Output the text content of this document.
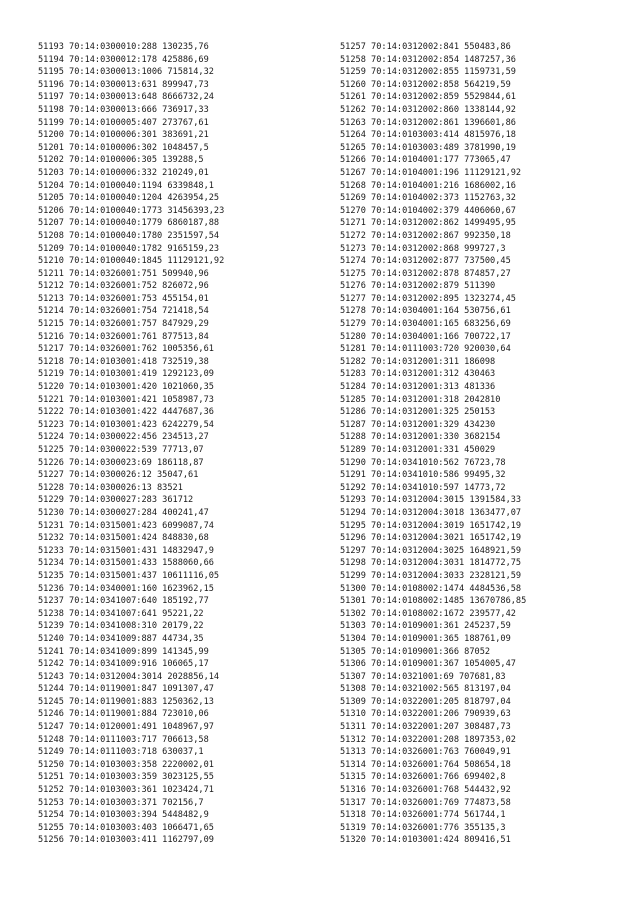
51193 70:14:0300010:288 130235,76
51194 70:14:0300012:178 425886,69
51195 70:14:0300013:1006 715814,32
51196 70:14:0300013:631 899947,73
51197 70:14:0300013:648 8666732,24
51198 70:14:0300013:666 736917,33
51199 70:14:0100005:407 273767,61
51200 70:14:0100006:301 383691,21
51201 70:14:0100006:302 1048457,5
51202 70:14:0100006:305 139288,5
51203 70:14:0100006:332 210249,01
51204 70:14:0100040:1194 6339848,1
51205 70:14:0100040:1204 4263954,25
51206 70:14:0100040:1773 31456393,23
51207 70:14:0100040:1779 6860187,88
51208 70:14:0100040:1780 2351597,54
51209 70:14:0100040:1782 9165159,23
51210 70:14:0100040:1845 11129121,92
51211 70:14:0326001:751 509940,96
51212 70:14:0326001:752 826072,96
51213 70:14:0326001:753 455154,01
51214 70:14:0326001:754 721418,54
51215 70:14:0326001:757 847929,29
51216 70:14:0326001:761 877513,84
51217 70:14:0326001:762 1005356,61
51218 70:14:0103001:418 732519,38
51219 70:14:0103001:419 1292123,09
51220 70:14:0103001:420 1021060,35
51221 70:14:0103001:421 1058987,73
51222 70:14:0103001:422 4447687,36
51223 70:14:0103001:423 6242279,54
51224 70:14:0300022:456 234513,27
51225 70:14:0300022:539 77713,07
51226 70:14:0300023:69 186118,87
51227 70:14:0300026:12 35047,61
51228 70:14:0300026:13 83521
51229 70:14:0300027:283 361712
51230 70:14:0300027:284 400241,47
51231 70:14:0315001:423 6099087,74
51232 70:14:0315001:424 848830,68
51233 70:14:0315001:431 14832947,9
51234 70:14:0315001:433 1588060,66
51235 70:14:0315001:437 10611116,05
51236 70:14:0340001:160 1623962,15
51237 70:14:0341007:640 185192,77
51238 70:14:0341007:641 95221,22
51239 70:14:0341008:310 20179,22
51240 70:14:0341009:887 44734,35
51241 70:14:0341009:899 141345,99
51242 70:14:0341009:916 106065,17
51243 70:14:0312004:3014 2028856,14
51244 70:14:0119001:847 1091307,47
51245 70:14:0119001:883 1250362,13
51246 70:14:0119001:884 723010,06
51247 70:14:0120001:491 1048967,97
51248 70:14:0111003:717 706613,58
51249 70:14:0111003:718 630037,1
51250 70:14:0103003:358 2220002,01
51251 70:14:0103003:359 3023125,55
51252 70:14:0103003:361 1023424,71
51253 70:14:0103003:371 702156,7
51254 70:14:0103003:394 5448482,9
51255 70:14:0103003:403 1066471,65
51256 70:14:0103003:411 1162797,09
51257 70:14:0312002:841 550483,86
51258 70:14:0312002:854 1487257,36
51259 70:14:0312002:855 1159731,59
51260 70:14:0312002:858 564219,59
51261 70:14:0312002:859 5529844,61
51262 70:14:0312002:860 1338144,92
51263 70:14:0312002:861 1396601,86
51264 70:14:0103003:414 4815976,18
51265 70:14:0103003:489 3781990,19
51266 70:14:0104001:177 773065,47
51267 70:14:0104001:196 11129121,92
51268 70:14:0104001:216 1686002,16
51269 70:14:0104002:373 1152763,32
51270 70:14:0104002:379 4406060,67
51271 70:14:0312002:862 1499495,95
51272 70:14:0312002:867 992350,18
51273 70:14:0312002:868 999727,3
51274 70:14:0312002:877 737500,45
51275 70:14:0312002:878 874857,27
51276 70:14:0312002:879 511390
51277 70:14:0312002:895 1323274,45
51278 70:14:0304001:164 530756,61
51279 70:14:0304001:165 683256,69
51280 70:14:0304001:166 700722,17
51281 70:14:0111003:720 920030,64
51282 70:14:0312001:311 186098
51283 70:14:0312001:312 430463
51284 70:14:0312001:313 481336
51285 70:14:0312001:318 2042810
51286 70:14:0312001:325 250153
51287 70:14:0312001:329 434230
51288 70:14:0312001:330 3682154
51289 70:14:0312001:331 450029
51290 70:14:0341010:562 76723,78
51291 70:14:0341010:586 99495,32
51292 70:14:0341010:597 14773,72
51293 70:14:0312004:3015 1391584,33
51294 70:14:0312004:3018 1363477,07
51295 70:14:0312004:3019 1651742,19
51296 70:14:0312004:3021 1651742,19
51297 70:14:0312004:3025 1648921,59
51298 70:14:0312004:3031 1814772,75
51299 70:14:0312004:3033 2328121,59
51300 70:14:0108002:1474 4484536,58
51301 70:14:0108002:1485 13670786,85
51302 70:14:0108002:1672 239577,42
51303 70:14:0109001:361 245237,59
51304 70:14:0109001:365 188761,09
51305 70:14:0109001:366 87052
51306 70:14:0109001:367 1054005,47
51307 70:14:0321001:69 707681,83
51308 70:14:0321002:565 813197,04
51309 70:14:0322001:205 818797,04
51310 70:14:0322001:206 790939,63
51311 70:14:0322001:207 308487,73
51312 70:14:0322001:208 1897353,02
51313 70:14:0326001:763 760049,91
51314 70:14:0326001:764 508654,18
51315 70:14:0326001:766 699402,8
51316 70:14:0326001:768 544432,92
51317 70:14:0326001:769 774873,58
51318 70:14:0326001:774 561744,1
51319 70:14:0326001:776 355135,3
51320 70:14:0103001:424 809416,51
